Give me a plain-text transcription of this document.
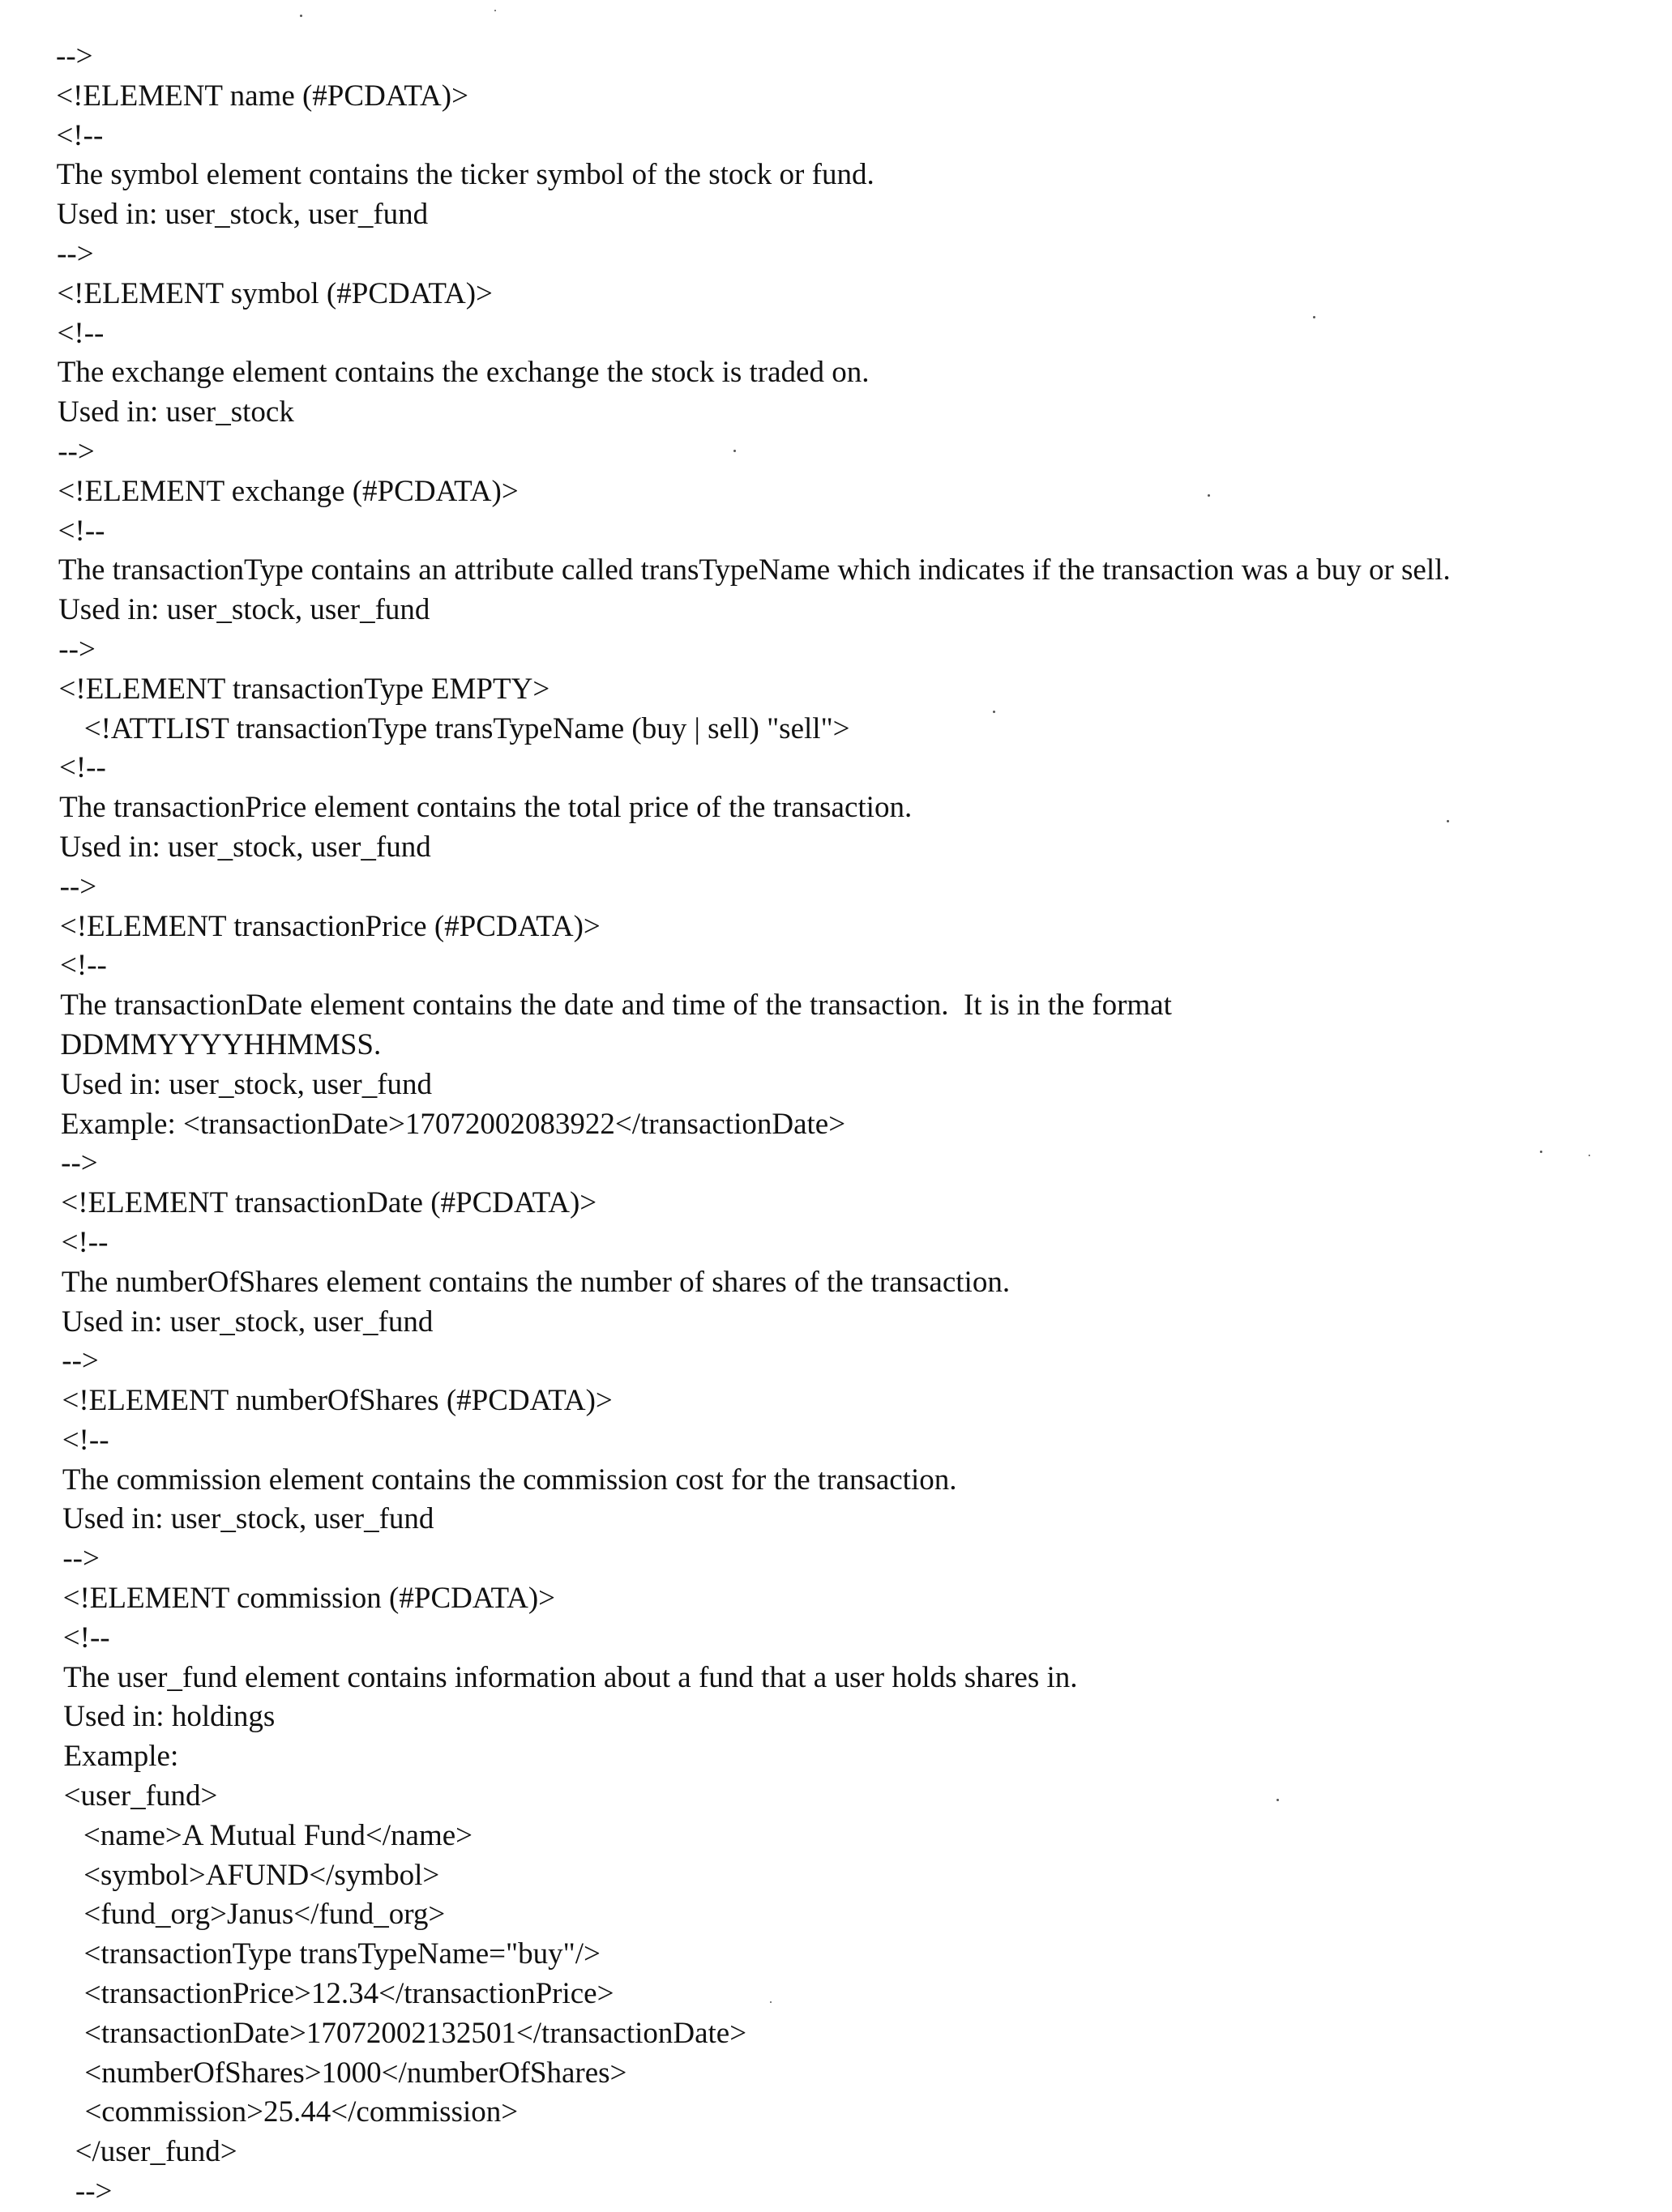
-->
<!ELEMENT name (#PCDATA)>
<!--
The symbol element contains the ticker symbol of the stock or fund.
Used in: user_stock, user_fund
-->
<!ELEMENT symbol (#PCDATA)>
<!--
The exchange element contains the exchange the stock is traded on.
Used in: user_stock
-->
<!ELEMENT exchange (#PCDATA)>
<!--
The transactionType contains an attribute called transTypeName which indicates if the transaction was a buy or sell.
Used in: user_stock, user_fund
-->
<!ELEMENT transactionType EMPTY>
<!ATTLIST transactionType transTypeName (buy | sell) "sell">
<!--
The transactionPrice element contains the total price of the transaction.
Used in: user_stock, user_fund
-->
<!ELEMENT transactionPrice (#PCDATA)>
<!--
The transactionDate element contains the date and time of the transaction.  It is in the format
DDMMYYYYHHMMSS.
Used in: user_stock, user_fund
Example: <transactionDate>17072002083922</transactionDate>
-->
<!ELEMENT transactionDate (#PCDATA)>
<!--
The numberOfShares element contains the number of shares of the transaction.
Used in: user_stock, user_fund
-->
<!ELEMENT numberOfShares (#PCDATA)>
<!--
The commission element contains the commission cost for the transaction.
Used in: user_stock, user_fund
-->
<!ELEMENT commission (#PCDATA)>
<!--
The user_fund element contains information about a fund that a user holds shares in.
Used in: holdings
Example:
<user_fund>
<name>A Mutual Fund</name>
<symbol>AFUND</symbol>
<fund_org>Janus</fund_org>
<transactionType transTypeName="buy"/>
<transactionPrice>12.34</transactionPrice>
<transactionDate>17072002132501</transactionDate>
<numberOfShares>1000</numberOfShares>
<commission>25.44</commission>
</user_fund>
-->
